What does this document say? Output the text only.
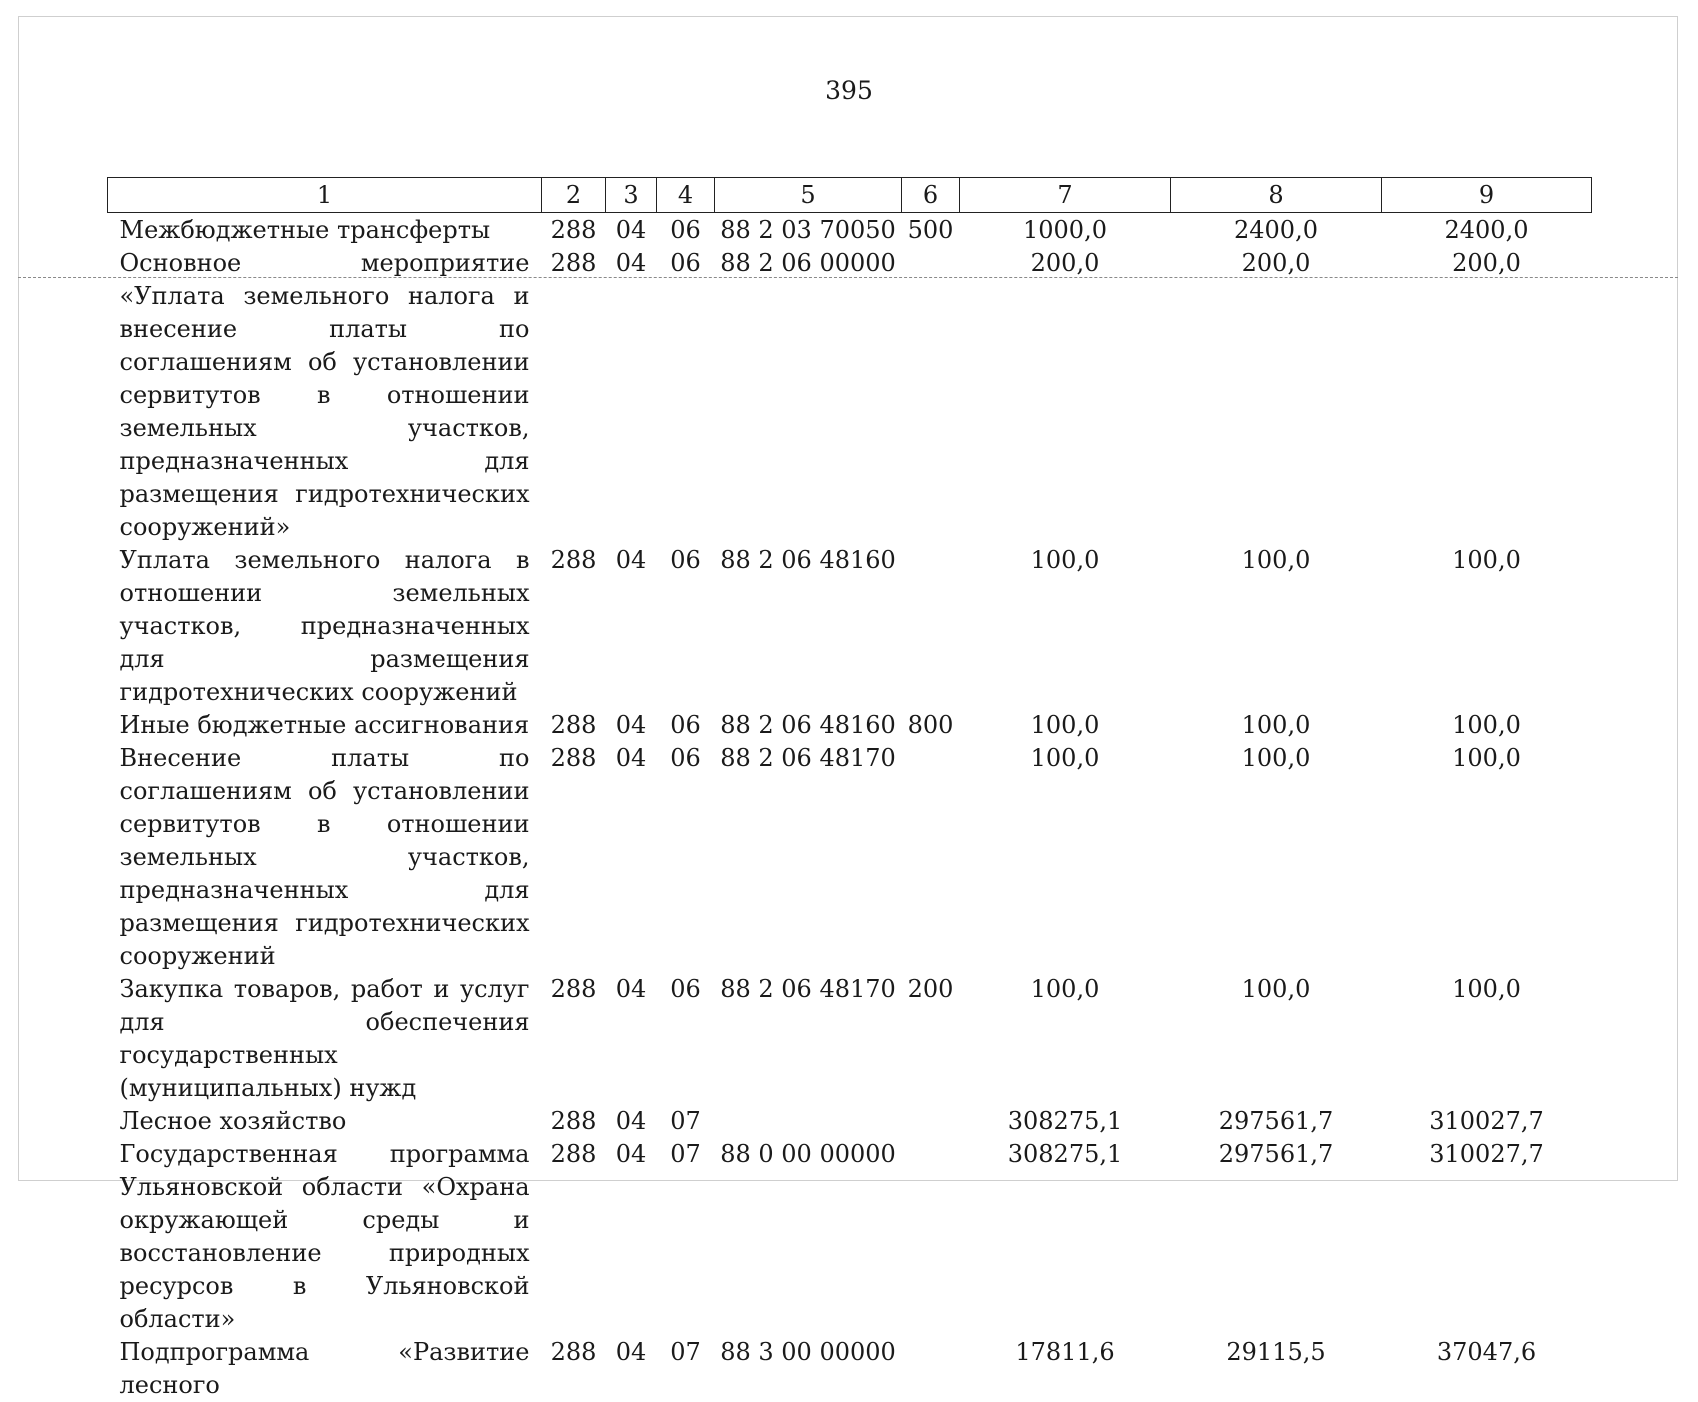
395
1	2	3	4	5	6	7	8	9

Межбюджетные трансферты	288	04	06	88 2 03 70050	500	1000,0	2400,0	2400,0
Основное мероприятие «Уплата земельного налога и внесение платы по соглашениям об установлении сервитутов в отношении земельных участков, предназначенных для размещения гидротехнических сооружений»	288	04	06	88 2 06 00000		200,0	200,0	200,0
Уплата земельного налога в отношении земельных участков, предназначенных для размещения гидротехнических сооружений	288	04	06	88 2 06 48160		100,0	100,0	100,0
Иные бюджетные ассигнования	288	04	06	88 2 06 48160	800	100,0	100,0	100,0
Внесение платы по соглашениям об установлении сервитутов в отношении земельных участков, предназначенных для размещения гидротехнических сооружений	288	04	06	88 2 06 48170		100,0	100,0	100,0
Закупка товаров, работ и услуг для обеспечения государственных (муниципальных) нужд	288	04	06	88 2 06 48170	200	100,0	100,0	100,0
Лесное хозяйство	288	04	07			308275,1	297561,7	310027,7
Государственная программа Ульяновской области «Охрана окружающей среды и восстановление природных ресурсов в Ульяновской области»	288	04	07	88 0 00 00000		308275,1	297561,7	310027,7
Подпрограмма «Развитие лесного	288	04	07	88 3 00 00000		17811,6	29115,5	37047,6
